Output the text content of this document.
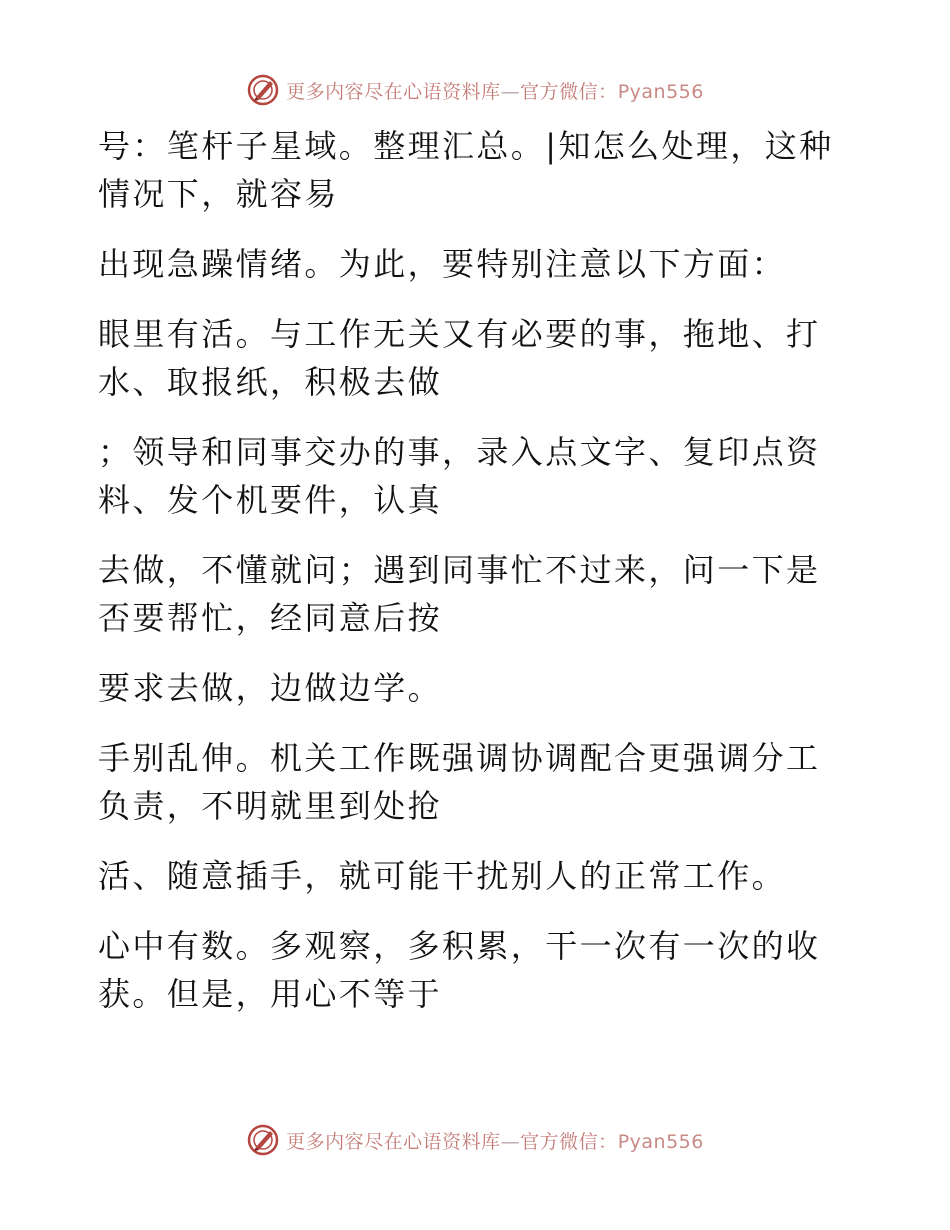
更多内容尽在心语资料库—官方微信：Pyan556
号：笔杆子星域。整理汇总。|知怎么处理，这种
情况下，就容易
出现急躁情绪。为此，要特别注意以下方面：
眼里有活。与工作无关又有必要的事，拖地、打
水、取报纸，积极去做
；领导和同事交办的事，录入点文字、复印点资
料、发个机要件，认真
去做，不懂就问；遇到同事忙不过来，问一下是
否要帮忙，经同意后按
要求去做，边做边学。
手别乱伸。机关工作既强调协调配合更强调分工
负责，不明就里到处抢
活、随意插手，就可能干扰别人的正常工作。
心中有数。多观察，多积累，干一次有一次的收
获。但是，用心不等于
更多内容尽在心语资料库—官方微信：Pyan556
